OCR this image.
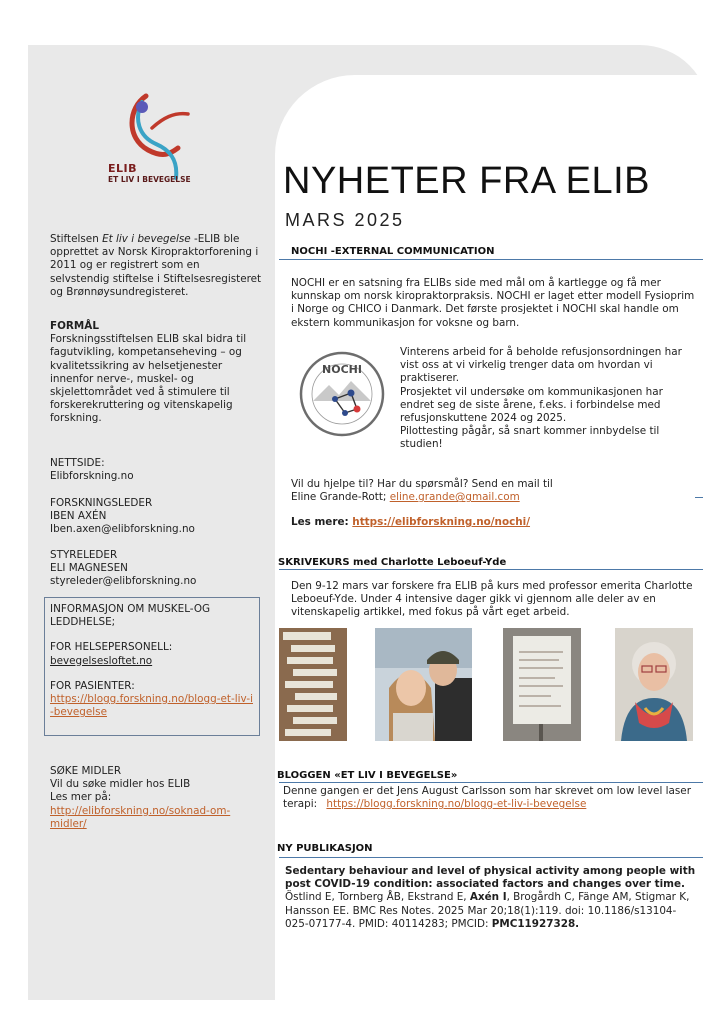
ELIB
ET LIV I BEVEGELSE

Stiftelsen Et liv i bevegelse -ELIB ble opprettet av Norsk Kiropraktorforening i 2011 og er registrert som en selvstendig stiftelse i Stiftelsesregisteret og Brønnøysundregisteret.

FORMÅL

Forskningsstiftelsen ELIB skal bidra til fagutvikling, kompetanseheving – og kvalitetssikring av helsetjenester innenfor nerve-, muskel- og skjelettområdet ved å stimulere til forskerekruttering og vitenskapelig forskning.

NETTSIDE:

Elibforskning.no

FORSKNINGSLEDER

IBEN AXÉN

Iben.axen@elibforskning.no

STYRELEDER

ELI MAGNESEN

styreleder@elibforskning.no

INFORMASJON OM MUSKEL-OG LEDDHELSE;

FOR HELSEPERSONELL:

bevegelsesloftet.no

FOR PASIENTER:

https://blogg.forskning.no/blogg-et-liv-i-bevegelse

SØKE MIDLER

Vil du søke midler hos ELIB

Les mer på:

http://elibforskning.no/soknad-om-midler/

NYHETER FRA ELIB
MARS 2025
NOCHI -EXTERNAL COMMUNICATION
NOCHI er en satsning fra ELIBs side med mål om å kartlegge og få mer kunnskap om norsk kiropraktorpraksis. NOCHI er laget etter modell Fysioprim i Norge og CHICO i Danmark. Det første prosjektet i NOCHI skal handle om ekstern kommunikasjon for voksne og barn.
NOCHI

Vinterens arbeid for å beholde refusjonsordningen har vist oss at vi virkelig trenger data om hvordan vi praktiserer.

Prosjektet vil undersøke om kommunikasjonen har endret seg de siste årene, f.eks. i forbindelse med refusjonskuttene 2024 og 2025.

Pilottesting pågår, så snart kommer innbydelse til studien!

Vil du hjelpe til? Har du spørsmål? Send en mail til

Eline Grande-Rott; eline.grande@gmail.com

Les mere: https://elibforskning.no/nochi/
SKRIVEKURS med Charlotte Leboeuf-Yde
Den 9-12 mars var forskere fra ELIB på kurs med professor emerita Charlotte Leboeuf-Yde. Under 4 intensive dager gikk vi gjennom alle deler av en vitenskapelig artikkel, med fokus på vårt eget arbeid.
BLOGGEN «ET LIV I BEVEGELSE»
Denne gangen er det Jens August Carlsson som har skrevet om low level laser terapi: https://blogg.forskning.no/blogg-et-liv-i-bevegelse
NY PUBLIKASJON
Sedentary behaviour and level of physical activity among people with post COVID-19 condition: associated factors and changes over time. Östlind E, Tornberg ÅB, Ekstrand E, Axén I, Brogårdh C, Fänge AM, Stigmar K, Hansson EE. BMC Res Notes. 2025 Mar 20;18(1):119. doi: 10.1186/s13104-025-07177-4. PMID: 40114283; PMCID: PMC11927328.
